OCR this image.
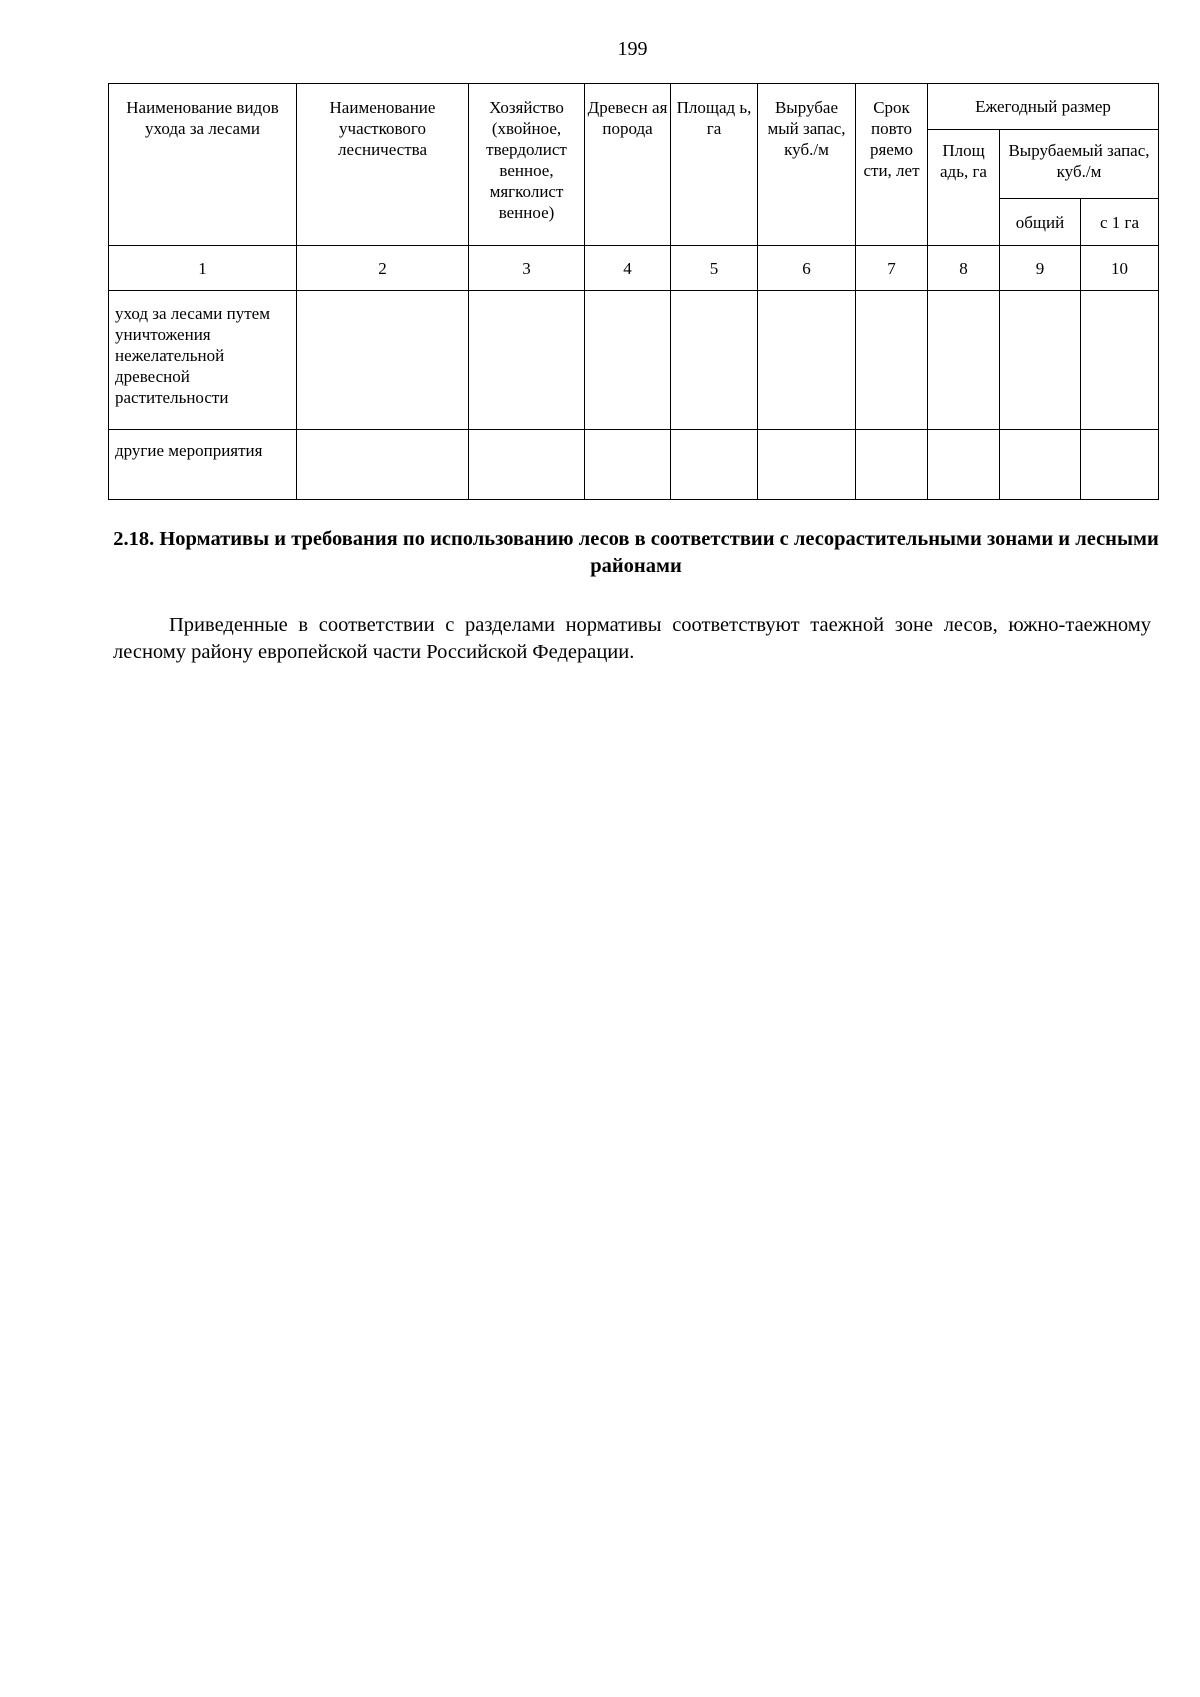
199
Наименование видов ухода за лесами	Наименование участкового лесничества	Хозяйство (хвойное, твердолист венное, мягколист венное)	Древесн ая порода	Площад ь, га	Вырубае мый запас, куб./м	Срок повто ряемо сти, лет	Ежегодный размер		
							Площ адь, га	Вырубаемый запас, куб./м	
								общий	с 1 га
1	2	3	4	5	6	7	8	9	10
уход за лесами путем уничтожения нежелательной древесной растительности									
другие мероприятия									
2.18. Нормативы и требования по использованию лесов в соответствии с лесорастительными зонами и лесными районами
Приведенные в соответствии с разделами нормативы соответствуют таежной зоне лесов, южно-таежному лесному району европейской части Российской Федерации.
